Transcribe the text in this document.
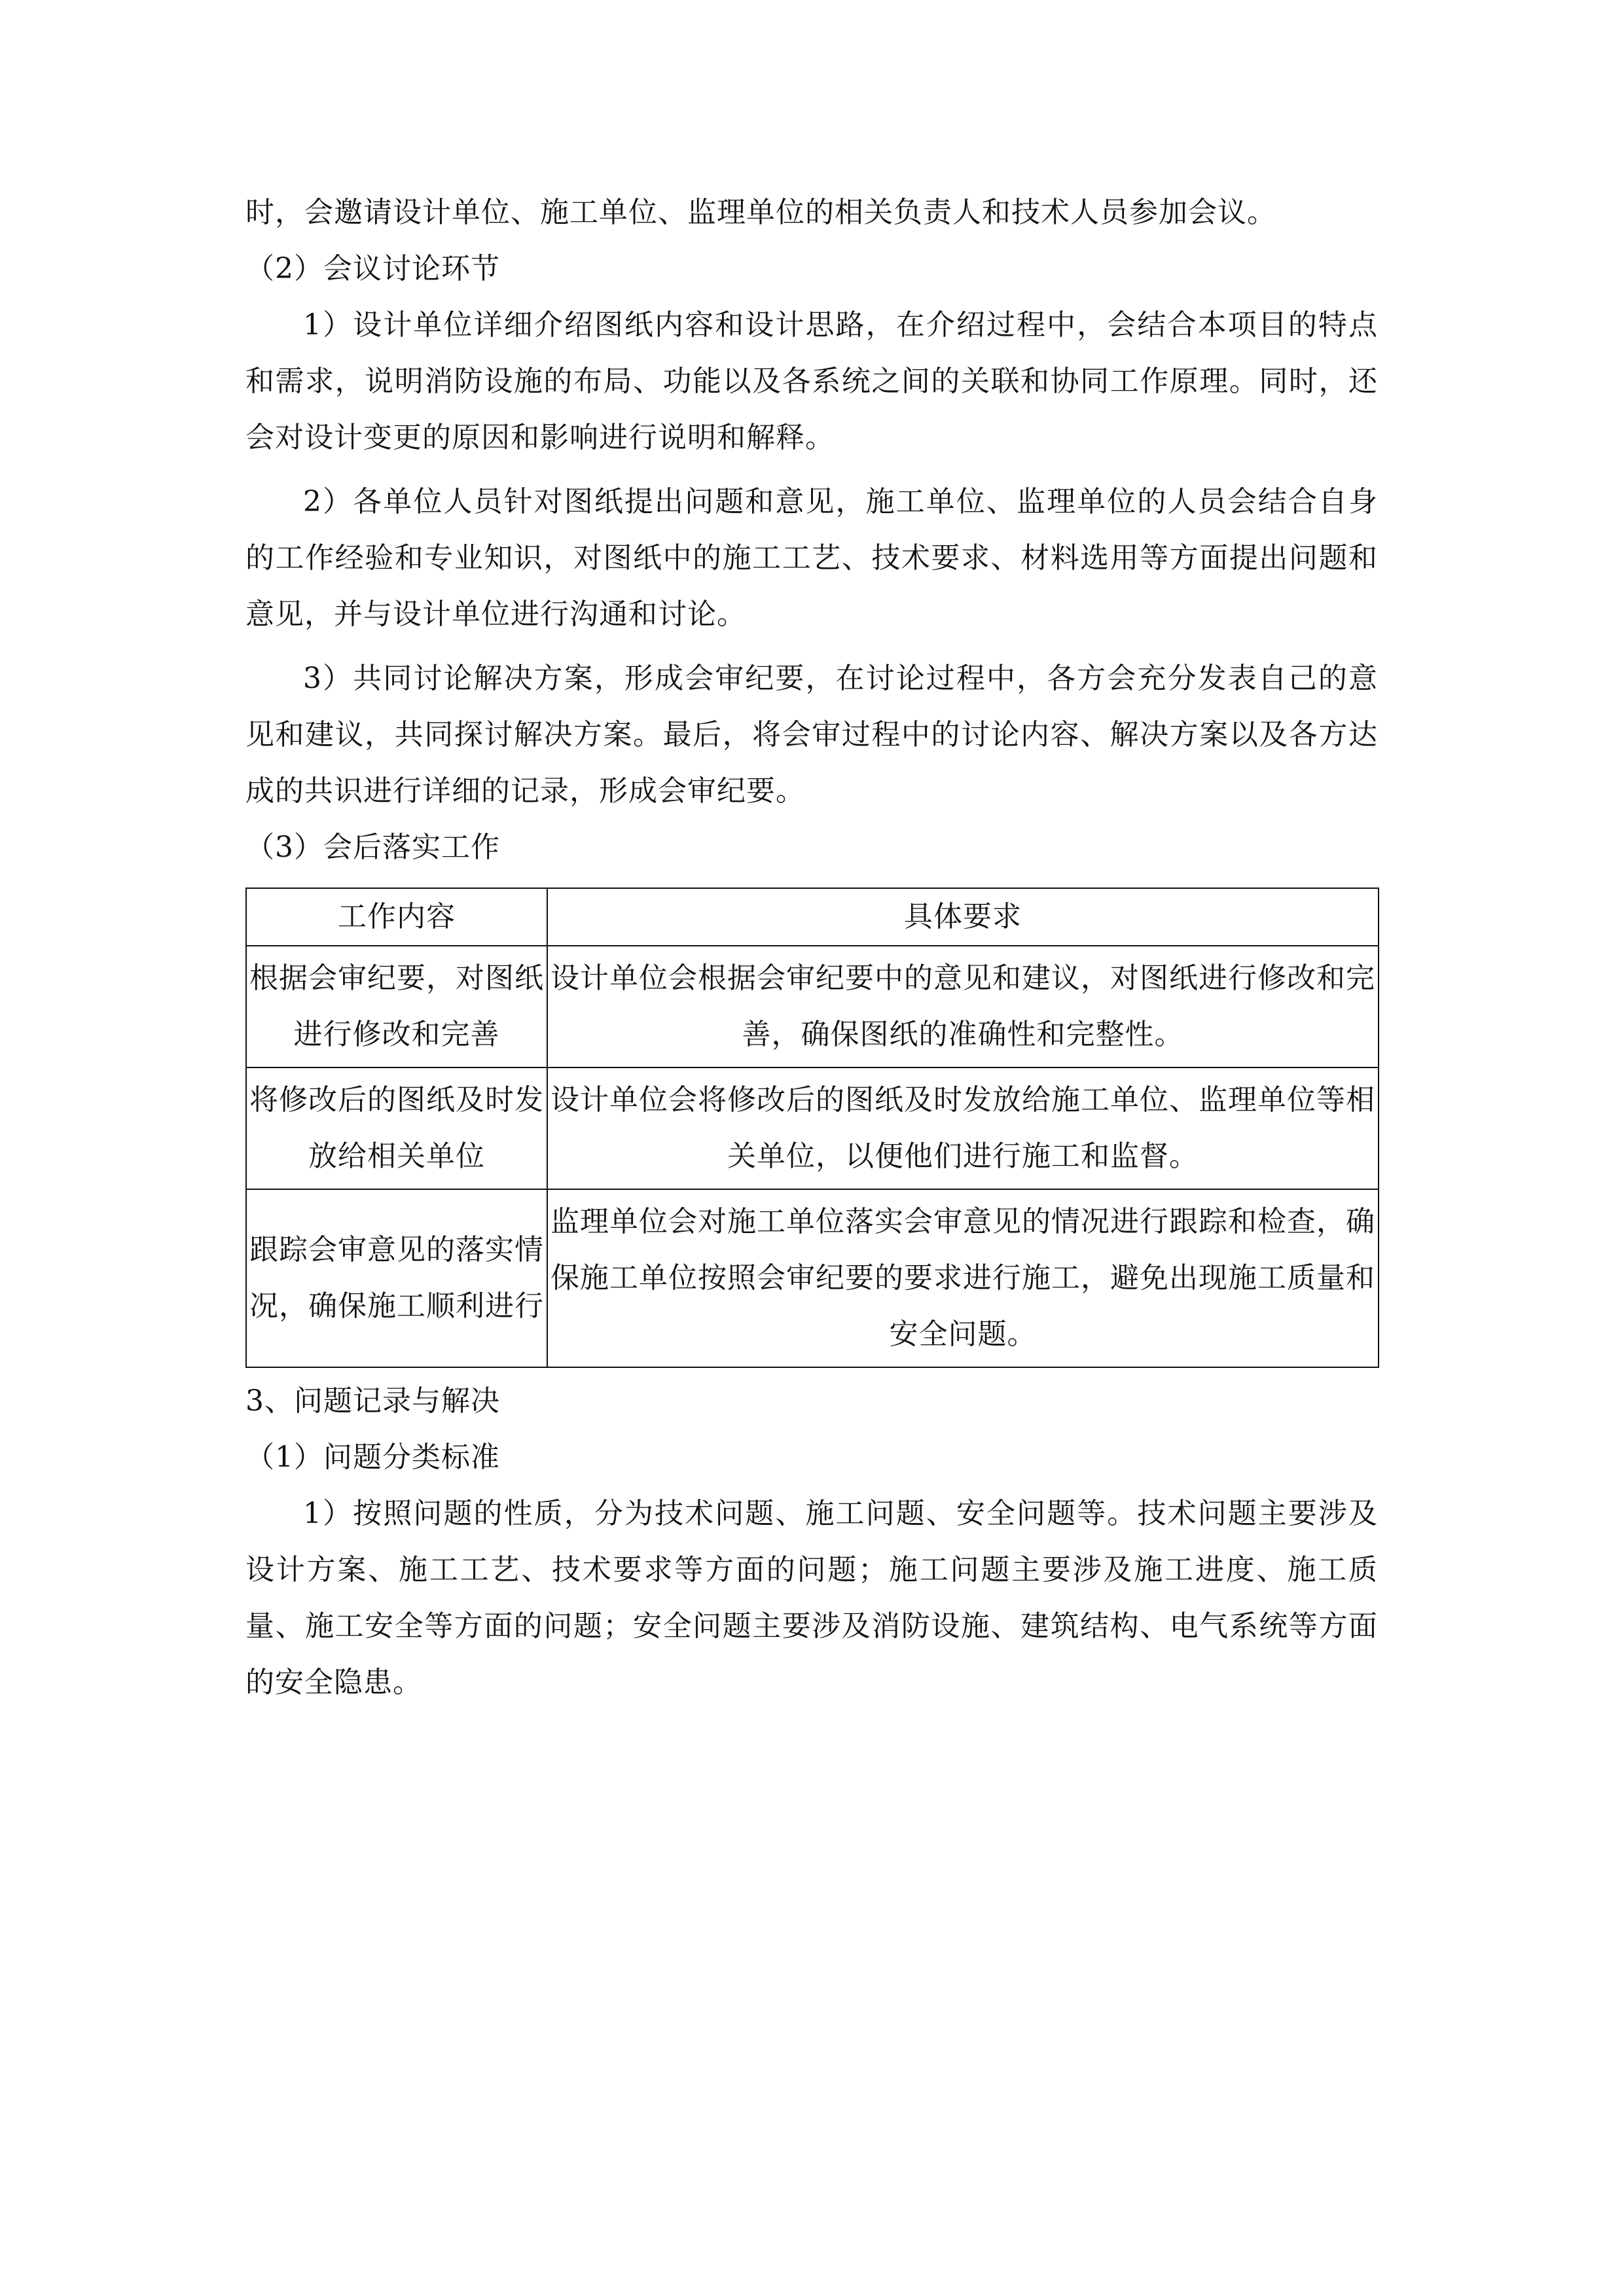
时，会邀请设计单位、施工单位、监理单位的相关负责人和技术人员参加会议。

（2）会议讨论环节

1）设计单位详细介绍图纸内容和设计思路，在介绍过程中，会结合本项目的特点和需求，说明消防设施的布局、功能以及各系统之间的关联和协同工作原理。同时，还会对设计变更的原因和影响进行说明和解释。

2）各单位人员针对图纸提出问题和意见，施工单位、监理单位的人员会结合自身的工作经验和专业知识，对图纸中的施工工艺、技术要求、材料选用等方面提出问题和意见，并与设计单位进行沟通和讨论。

3）共同讨论解决方案，形成会审纪要，在讨论过程中，各方会充分发表自己的意见和建议，共同探讨解决方案。最后，将会审过程中的讨论内容、解决方案以及各方达成的共识进行详细的记录，形成会审纪要。

（3）会后落实工作

工作内容	具体要求
根据会审纪要，对图纸进行修改和完善	设计单位会根据会审纪要中的意见和建议，对图纸进行修改和完善，确保图纸的准确性和完整性。
将修改后的图纸及时发放给相关单位	设计单位会将修改后的图纸及时发放给施工单位、监理单位等相关单位，以便他们进行施工和监督。
跟踪会审意见的落实情况，确保施工顺利进行	监理单位会对施工单位落实会审意见的情况进行跟踪和检查，确保施工单位按照会审纪要的要求进行施工，避免出现施工质量和安全问题。

3、问题记录与解决

（1）问题分类标准

1）按照问题的性质，分为技术问题、施工问题、安全问题等。技术问题主要涉及设计方案、施工工艺、技术要求等方面的问题；施工问题主要涉及施工进度、施工质量、施工安全等方面的问题；安全问题主要涉及消防设施、建筑结构、电气系统等方面的安全隐患。
